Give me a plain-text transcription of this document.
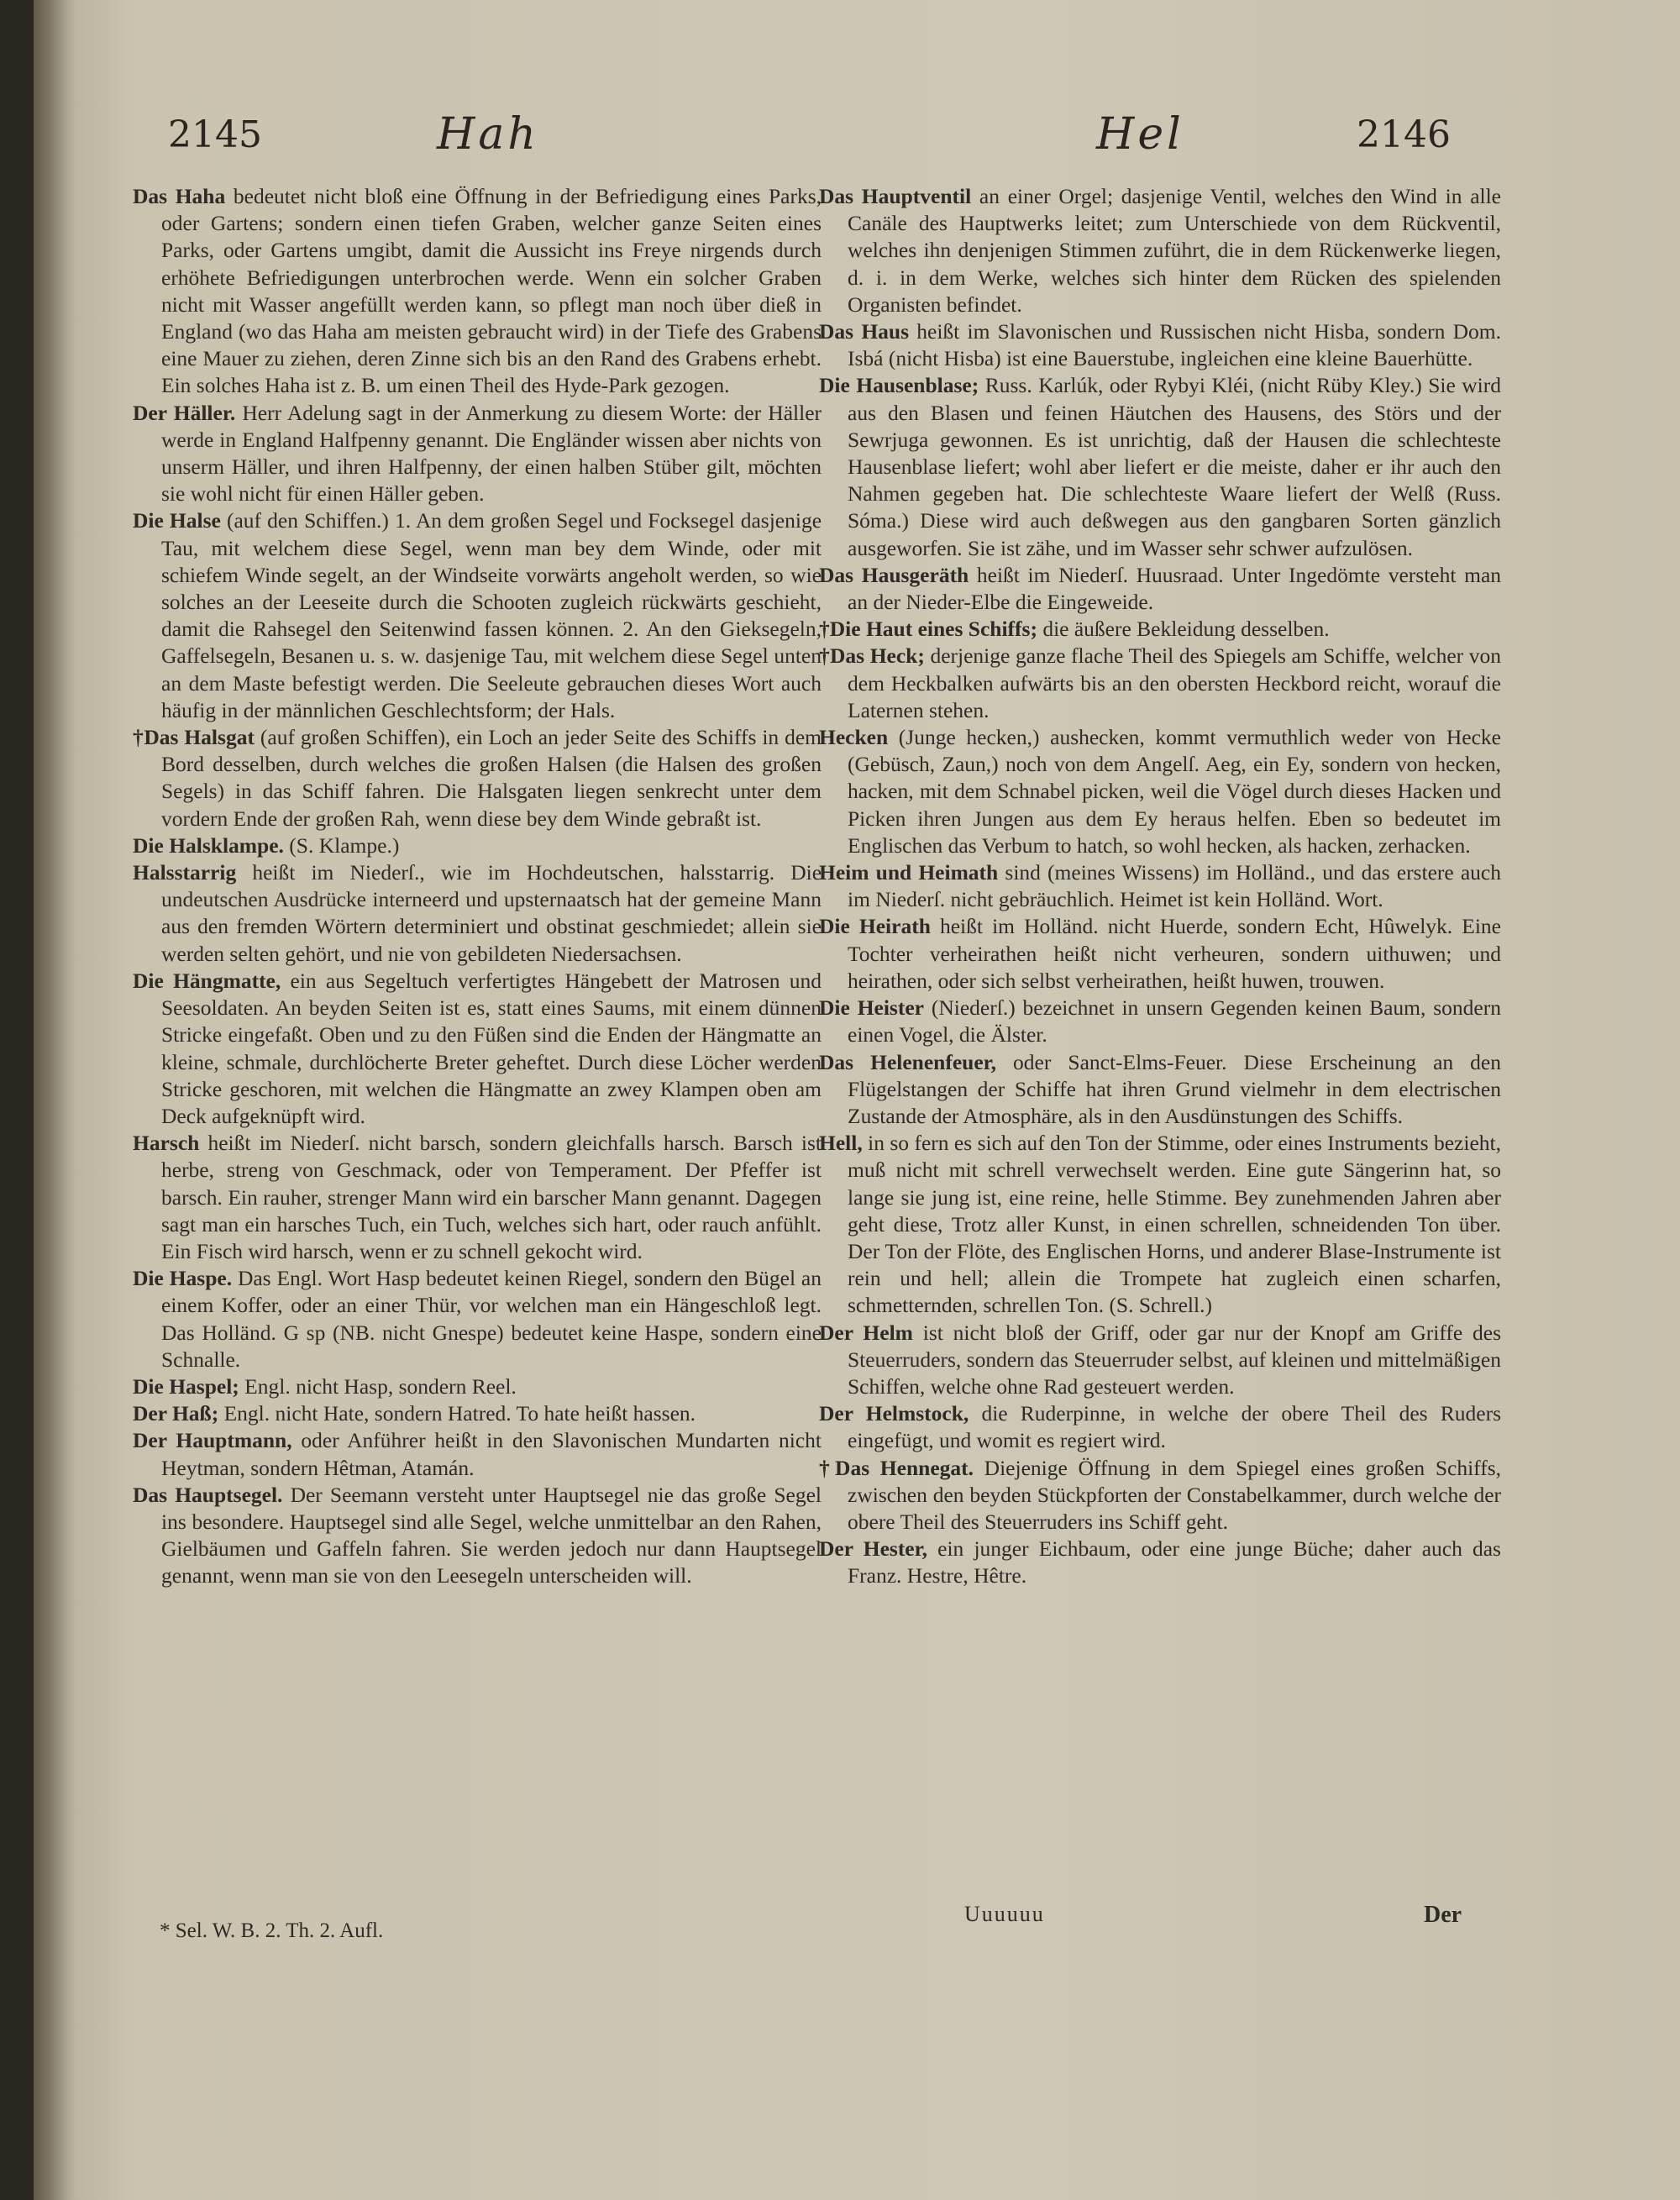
2145	Hah	Hel	2146

Das Haha bedeutet nicht bloß eine Öffnung in der Befriedigung eines Parks, oder Gartens; sondern einen tiefen Graben, welcher ganze Seiten eines Parks, oder Gartens umgibt, damit die Aussicht ins Freye nirgends durch erhöhete Befriedigungen unterbrochen werde. Wenn ein solcher Graben nicht mit Wasser angefüllt werden kann, so pflegt man noch über dieß in England (wo das Haha am meisten gebraucht wird) in der Tiefe des Grabens eine Mauer zu ziehen, deren Zinne sich bis an den Rand des Grabens erhebt. Ein solches Haha ist z. B. um einen Theil des Hyde-Park gezogen.

Der Häller. Herr Adelung sagt in der Anmerkung zu diesem Worte: der Häller werde in England Halfpenny genannt. Die Engländer wissen aber nichts von unserm Häller, und ihren Halfpenny, der einen halben Stüber gilt, möchten sie wohl nicht für einen Häller geben.

Die Halse (auf den Schiffen.) 1. An dem großen Segel und Focksegel dasjenige Tau, mit welchem diese Segel, wenn man bey dem Winde, oder mit schiefem Winde segelt, an der Windseite vorwärts angeholt werden, so wie solches an der Leeseite durch die Schooten zugleich rückwärts geschieht, damit die Rahsegel den Seitenwind fassen können. 2. An den Gieksegeln, Gaffelsegeln, Besanen u. s. w. dasjenige Tau, mit welchem diese Segel unten an dem Maste befestigt werden. Die Seeleute gebrauchen dieses Wort auch häufig in der männlichen Geschlechtsform; der Hals.

†Das Halsgat (auf großen Schiffen), ein Loch an jeder Seite des Schiffs in dem Bord desselben, durch welches die großen Halsen (die Halsen des großen Segels) in das Schiff fahren. Die Halsgaten liegen senkrecht unter dem vordern Ende der großen Rah, wenn diese bey dem Winde gebraßt ist.

Die Halsklampe. (S. Klampe.)

Halsstarrig heißt im Niederſ., wie im Hochdeutschen, halsstarrig. Die undeutschen Ausdrücke interneerd und upsternaatsch hat der gemeine Mann aus den fremden Wörtern determiniert und obstinat geschmiedet; allein sie werden selten gehört, und nie von gebildeten Niedersachsen.

Die Hängmatte, ein aus Segeltuch verfertigtes Hängebett der Matrosen und Seesoldaten. An beyden Seiten ist es, statt eines Saums, mit einem dünnen Stricke eingefaßt. Oben und zu den Füßen sind die Enden der Hängmatte an kleine, schmale, durchlöcherte Breter geheftet. Durch diese Löcher werden Stricke geschoren, mit welchen die Hängmatte an zwey Klampen oben am Deck aufgeknüpft wird.

Harsch heißt im Niederſ. nicht barsch, sondern gleichfalls harsch. Barsch ist herbe, streng von Geschmack, oder von Temperament. Der Pfeffer ist barsch. Ein rauher, strenger Mann wird ein barscher Mann genannt. Dagegen sagt man ein harsches Tuch, ein Tuch, welches sich hart, oder rauch anfühlt. Ein Fisch wird harsch, wenn er zu schnell gekocht wird.

Die Haspe. Das Engl. Wort Hasp bedeutet keinen Riegel, sondern den Bügel an einem Koffer, oder an einer Thür, vor welchen man ein Hängeschloß legt. Das Holländ. G sp (NB. nicht Gnespe) bedeutet keine Haspe, sondern eine Schnalle.

Die Haspel; Engl. nicht Hasp, sondern Reel.

Der Haß; Engl. nicht Hate, sondern Hatred. To hate heißt hassen.

Der Hauptmann, oder Anführer heißt in den Slavonischen Mundarten nicht Heytman, sondern Hêtman, Atamán.

Das Hauptsegel. Der Seemann versteht unter Hauptsegel nie das große Segel ins besondere. Hauptsegel sind alle Segel, welche unmittelbar an den Rahen, Gielbäumen und Gaffeln fahren. Sie werden jedoch nur dann Hauptsegel genannt, wenn man sie von den Leesegeln unterscheiden will.

Das Hauptventil an einer Orgel; dasjenige Ventil, welches den Wind in alle Canäle des Hauptwerks leitet; zum Unterschiede von dem Rückventil, welches ihn denjenigen Stimmen zuführt, die in dem Rückenwerke liegen, d. i. in dem Werke, welches sich hinter dem Rücken des spielenden Organisten befindet.

Das Haus heißt im Slavonischen und Russischen nicht Hisba, sondern Dom. Isbá (nicht Hisba) ist eine Bauerstube, ingleichen eine kleine Bauerhütte.

Die Hausenblase; Russ. Karlúk, oder Rybyi Kléi, (nicht Rüby Kley.) Sie wird aus den Blasen und feinen Häutchen des Hausens, des Störs und der Sewrjuga gewonnen. Es ist unrichtig, daß der Hausen die schlechteste Hausenblase liefert; wohl aber liefert er die meiste, daher er ihr auch den Nahmen gegeben hat. Die schlechteste Waare liefert der Welß (Russ. Sóma.) Diese wird auch deßwegen aus den gangbaren Sorten gänzlich ausgeworfen. Sie ist zähe, und im Wasser sehr schwer aufzulösen.

Das Hausgeräth heißt im Niederſ. Huusraad. Unter Ingedömte versteht man an der Nieder-Elbe die Eingeweide.

†Die Haut eines Schiffs; die äußere Bekleidung desselben.

†Das Heck; derjenige ganze flache Theil des Spiegels am Schiffe, welcher von dem Heckbalken aufwärts bis an den obersten Heckbord reicht, worauf die Laternen stehen.

Hecken (Junge hecken,) aushecken, kommt vermuthlich weder von Hecke (Gebüsch, Zaun,) noch von dem Angelſ. Aeg, ein Ey, sondern von hecken, hacken, mit dem Schnabel picken, weil die Vögel durch dieses Hacken und Picken ihren Jungen aus dem Ey heraus helfen. Eben so bedeutet im Englischen das Verbum to hatch, so wohl hecken, als hacken, zerhacken.

Heim und Heimath sind (meines Wissens) im Holländ., und das erstere auch im Niederſ. nicht gebräuchlich. Heimet ist kein Holländ. Wort.

Die Heirath heißt im Holländ. nicht Huerde, sondern Echt, Hûwelyk. Eine Tochter verheirathen heißt nicht verheuren, sondern uithuwen; und heirathen, oder sich selbst verheirathen, heißt huwen, trouwen.

Die Heister (Niederſ.) bezeichnet in unsern Gegenden keinen Baum, sondern einen Vogel, die Älster.

Das Helenenfeuer, oder Sanct-Elms-Feuer. Diese Erscheinung an den Flügelstangen der Schiffe hat ihren Grund vielmehr in dem electrischen Zustande der Atmosphäre, als in den Ausdünstungen des Schiffs.

Hell, in so fern es sich auf den Ton der Stimme, oder eines Instruments bezieht, muß nicht mit schrell verwechselt werden. Eine gute Sängerinn hat, so lange sie jung ist, eine reine, helle Stimme. Bey zunehmenden Jahren aber geht diese, Trotz aller Kunst, in einen schrellen, schneidenden Ton über. Der Ton der Flöte, des Englischen Horns, und anderer Blase-Instrumente ist rein und hell; allein die Trompete hat zugleich einen scharfen, schmetternden, schrellen Ton. (S. Schrell.)

Der Helm ist nicht bloß der Griff, oder gar nur der Knopf am Griffe des Steuerruders, sondern das Steuerruder selbst, auf kleinen und mittelmäßigen Schiffen, welche ohne Rad gesteuert werden.

Der Helmstock, die Ruderpinne, in welche der obere Theil des Ruders eingefügt, und womit es regiert wird.

†Das Hennegat. Diejenige Öffnung in dem Spiegel eines großen Schiffs, zwischen den beyden Stückpforten der Constabelkammer, durch welche der obere Theil des Steuerruders ins Schiff geht.

Der Hester, ein junger Eichbaum, oder eine junge Büche; daher auch das Franz. Hestre, Hêtre.

* Sel. W. B. 2. Th. 2. Aufl.
Uuuuuu	Der
